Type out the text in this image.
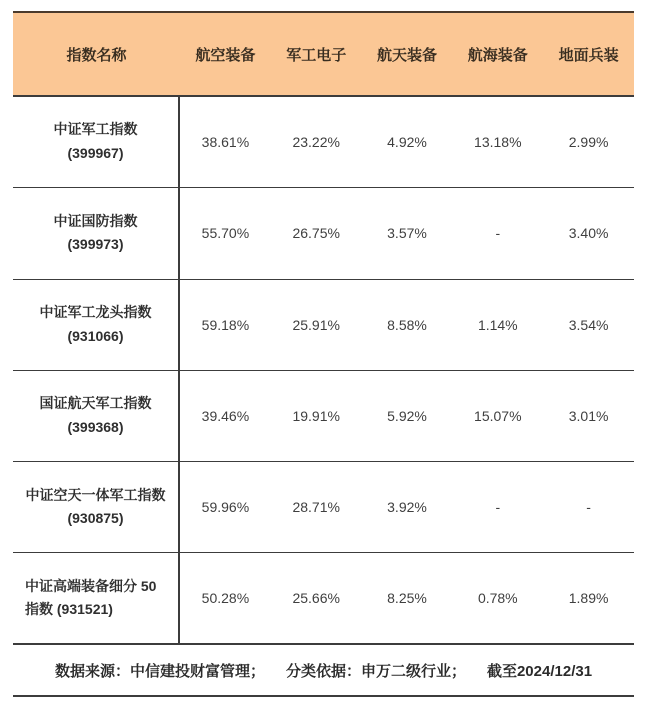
指数名称	航空装备	军工电子	航天装备	航海装备	地面兵装
中证军工指数
(399967)
38.61%	23.22%	4.92%	13.18%	2.99%
中证国防指数
(399973)
55.70%	26.75%	3.57%	-	3.40%
中证军工龙头指数
(931066)
59.18%	25.91%	8.58%	1.14%	3.54%
国证航天军工指数
(399368)
39.46%	19.91%	5.92%	15.07%	3.01%
中证空天一体军工指数
(930875)
59.96%	28.71%	3.92%	-	-
中证高端装备细分 50
指数 (931521)
50.28%	25.66%	8.25%	0.78%	1.89%
数据来源：中信建投财富管理； 分类依据：申万二级行业； 截至2024/12/31
